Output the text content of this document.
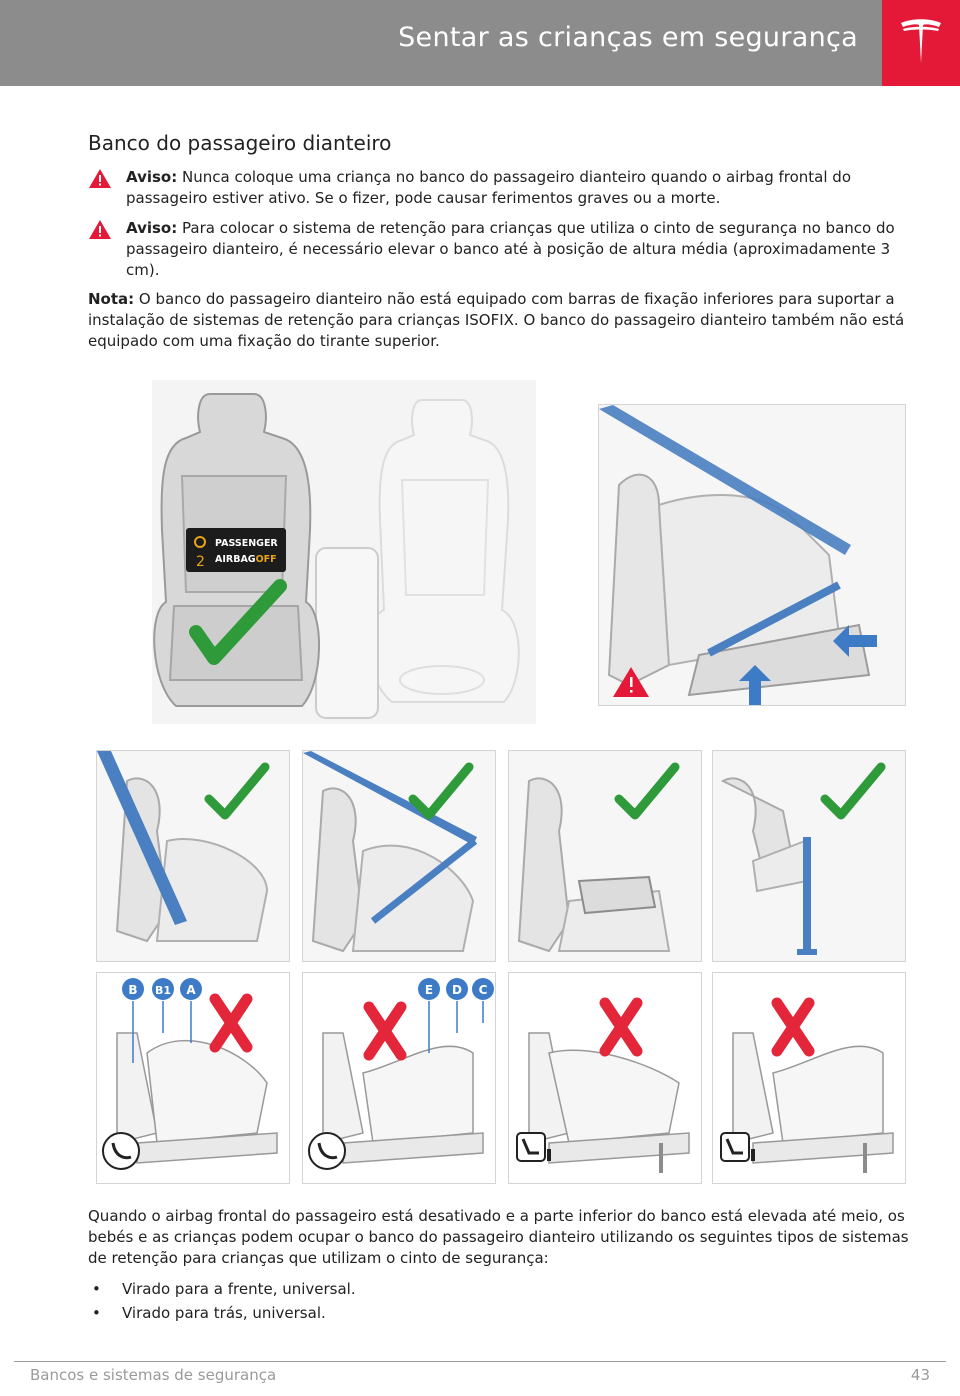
Sentar as crianças em segurança
Banco do passageiro dianteiro
Aviso: Nunca coloque uma criança no banco do passageiro dianteiro quando o airbag frontal do passageiro estiver ativo. Se o fizer, pode causar ferimentos graves ou a morte.
Aviso: Para colocar o sistema de retenção para crianças que utiliza o cinto de segurança no banco do passageiro dianteiro, é necessário elevar o banco até à posição de altura média (aproximadamente 3 cm).
Nota: O banco do passageiro dianteiro não está equipado com barras de fixação inferiores para suportar a instalação de sistemas de retenção para crianças ISOFIX. O banco do passageiro dianteiro também não está equipado com uma fixação do tirante superior.
2
PASSENGER
AIRBAGOFF
B B1 A	E D C
Quando o airbag frontal do passageiro está desativado e a parte inferior do banco está elevada até meio, os bebés e as crianças podem ocupar o banco do passageiro dianteiro utilizando os seguintes tipos de sistemas de retenção para crianças que utilizam o cinto de segurança:
• Virado para a frente, universal.
• Virado para trás, universal.
Bancos e sistemas de segurança	43
